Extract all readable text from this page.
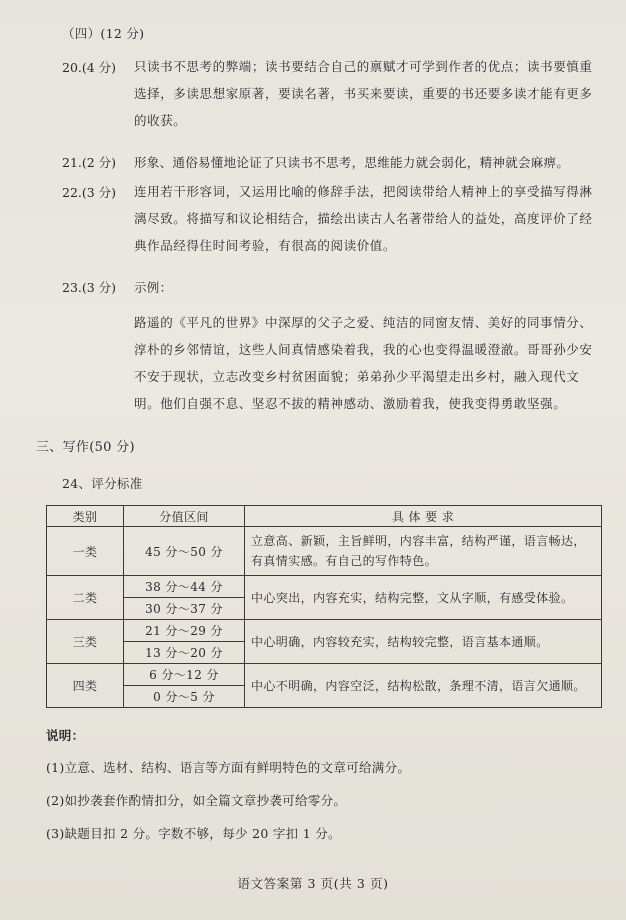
（四）(12 分)
20.(4 分) 只读书不思考的弊端；读书要结合自己的禀赋才可学到作者的优点；读书要慎重选择，多读思想家原著，要读名著，书买来要读，重要的书还要多读才能有更多的收获。
21.(2 分) 形象、通俗易懂地论证了只读书不思考，思维能力就会弱化，精神就会麻痹。
22.(3 分) 连用若干形容词，又运用比喻的修辞手法，把阅读带给人精神上的享受描写得淋漓尽致。将描写和议论相结合，描绘出读古人名著带给人的益处，高度评价了经典作品经得住时间考验，有很高的阅读价值。
23.(3 分) 示例：
路遥的《平凡的世界》中深厚的父子之爱、纯洁的同窗友情、美好的同事情分、淳朴的乡邻情谊，这些人间真情感染着我，我的心也变得温暖澄澈。哥哥孙少安不安于现状，立志改变乡村贫困面貌；弟弟孙少平渴望走出乡村，融入现代文明。他们自强不息、坚忍不拔的精神感动、激励着我，使我变得勇敢坚强。
三、写作(50 分)
24、评分标准
类别	分值区间	具 体 要 求
一类	45 分～50 分	立意高、新颖，主旨鲜明，内容丰富，结构严谨，语言畅达，有真情实感。有自己的写作特色。
二类	38 分～44 分	中心突出，内容充实，结构完整，文从字顺，有感受体验。
	30 分～37 分	
三类	21 分～29 分	中心明确，内容较充实，结构较完整，语言基本通顺。
	13 分～20 分	
四类	6 分～12 分	中心不明确，内容空泛，结构松散，条理不清，语言欠通顺。
	0 分～5 分	
说明：
(1)立意、选材、结构、语言等方面有鲜明特色的文章可给满分。
(2)如抄袭套作酌情扣分，如全篇文章抄袭可给零分。
(3)缺题目扣 2 分。字数不够，每少 20 字扣 1 分。
语文答案第 3 页(共 3 页)
